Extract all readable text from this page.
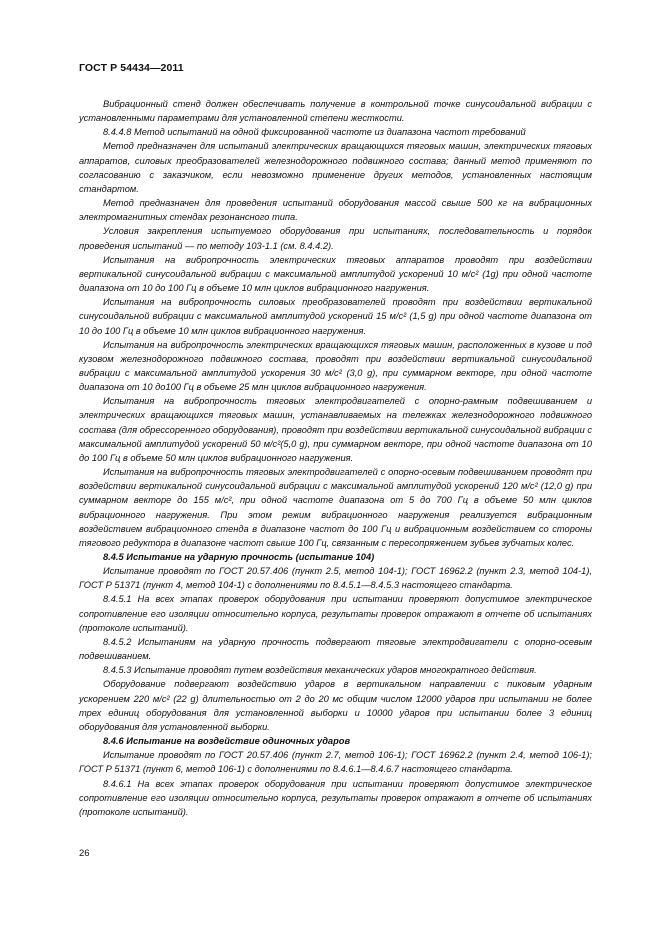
ГОСТ Р 54434—2011

Вибрационный стенд должен обеспечивать получение в контрольной точке синусоидальной вибрации с установленными параметрами для установленной степени жесткости.

8.4.4.8 Метод испытаний на одной фиксированной частоте из диапазона частот требований

Метод предназначен для испытаний электрических вращающихся тяговых машин, электрических тяговых аппаратов, силовых преобразователей железнодорожного подвижного состава; данный метод применяют по согласованию с заказчиком, если невозможно применение других методов, установленных настоящим стандартом.

Метод предназначен для проведения испытаний оборудования массой свыше 500 кг на вибрационных электромагнитных стендах резонансного типа.

Условия закрепления испытуемого оборудования при испытаниях, последовательность и порядок проведения испытаний — по методу 103-1.1 (см. 8.4.4.2).

Испытания на вибропрочность электрических тяговых аппаратов проводят при воздействии вертикальной синусоидальной вибрации с максимальной амплитудой ускорений 10 м/с² (1g) при одной частоте диапазона от 10 до 100 Гц в объеме 10 млн циклов вибрационного нагружения.

Испытания на вибропрочность силовых преобразователей проводят при воздействии вертикальной синусоидальной вибрации с максимальной амплитудой ускорений 15 м/с² (1,5 g) при одной частоте диапазона от 10 до 100 Гц в объеме 10 млн циклов вибрационного нагружения.

Испытания на вибропрочность электрических вращающихся тяговых машин, расположенных в кузове и под кузовом железнодорожного подвижного состава, проводят при воздействии вертикальной синусоидальной вибрации с максимальной амплитудой ускорения 30 м/с² (3,0 g), при суммарном векторе, при одной частоте диапазона от 10 до100 Гц в объеме 25 млн циклов вибрационного нагружения.

Испытания на вибропрочность тяговых электродвигателей с опорно-рамным подвешиванием и электрических вращающихся тяговых машин, устанавливаемых на тележках железнодорожного подвижного состава (для обрессоренного оборудования), проводят при воздействии вертикальной синусоидальной вибрации с максимальной амплитудой ускорений 50 м/с²(5,0 g), при суммарном векторе, при одной частоте диапазона от 10 до 100 Гц в объеме 50 млн циклов вибрационного нагружения.

Испытания на вибропрочность тяговых электродвигателей с опорно-осевым подвешиванием проводят при воздействии вертикальной синусоидальной вибрации с максимальной амплитудой ускорений 120 м/с² (12,0 g) при суммарном векторе до 155 м/с², при одной частоте диапазона от 5 до 700 Гц в объеме 50 млн циклов вибрационного нагружения. При этом режим вибрационного нагружения реализуется вибрационным воздействием вибрационного стенда в диапазоне частот до 100 Гц и вибрационным воздействием со стороны тягового редуктора в диапазоне частот свыше 100 Гц, связанным с пересопряжением зубьев зубчатых колес.

8.4.5 Испытание на ударную прочность (испытание 104)

Испытание проводят по ГОСТ 20.57.406 (пункт 2.5, метод 104-1); ГОСТ 16962.2 (пункт 2.3, метод 104-1), ГОСТ Р 51371 (пункт 4, метод 104-1) с дополнениями по 8.4.5.1—8.4.5.3 настоящего стандарта.

8.4.5.1 На всех этапах проверок оборудования при испытании проверяют допустимое электрическое сопротивление его изоляции относительно корпуса, результаты проверок отражают в отчете об испытаниях (протоколе испытаний).

8.4.5.2 Испытаниям на ударную прочность подвергают тяговые электродвигатели с опорно-осевым подвешиванием.

8.4.5.3 Испытание проводят путем воздействия механических ударов многократного действия.

Оборудование подвергают воздействию ударов в вертикальном направлении с пиковым ударным ускорением 220 м/с² (22 g) длительностью от 2 до 20 мс общим числом 12000 ударов при испытании не более трех единиц оборудования для установленной выборки и 10000 ударов при испытании более 3 единиц оборудования для установленной выборки.

8.4.6 Испытание на воздействие одиночных ударов

Испытание проводят по ГОСТ 20.57.406 (пункт 2.7, метод 106-1); ГОСТ 16962.2 (пункт 2.4, метод 106-1); ГОСТ Р 51371 (пункт 6, метод 106-1) с дополнениями по 8.4.6.1—8.4.6.7 настоящего стандарта.

8.4.6.1 На всех этапах проверок оборудования при испытании проверяют допустимое электрическое сопротивление его изоляции относительно корпуса, результаты проверок отражают в отчете об испытаниях (протоколе испытаний).

26
